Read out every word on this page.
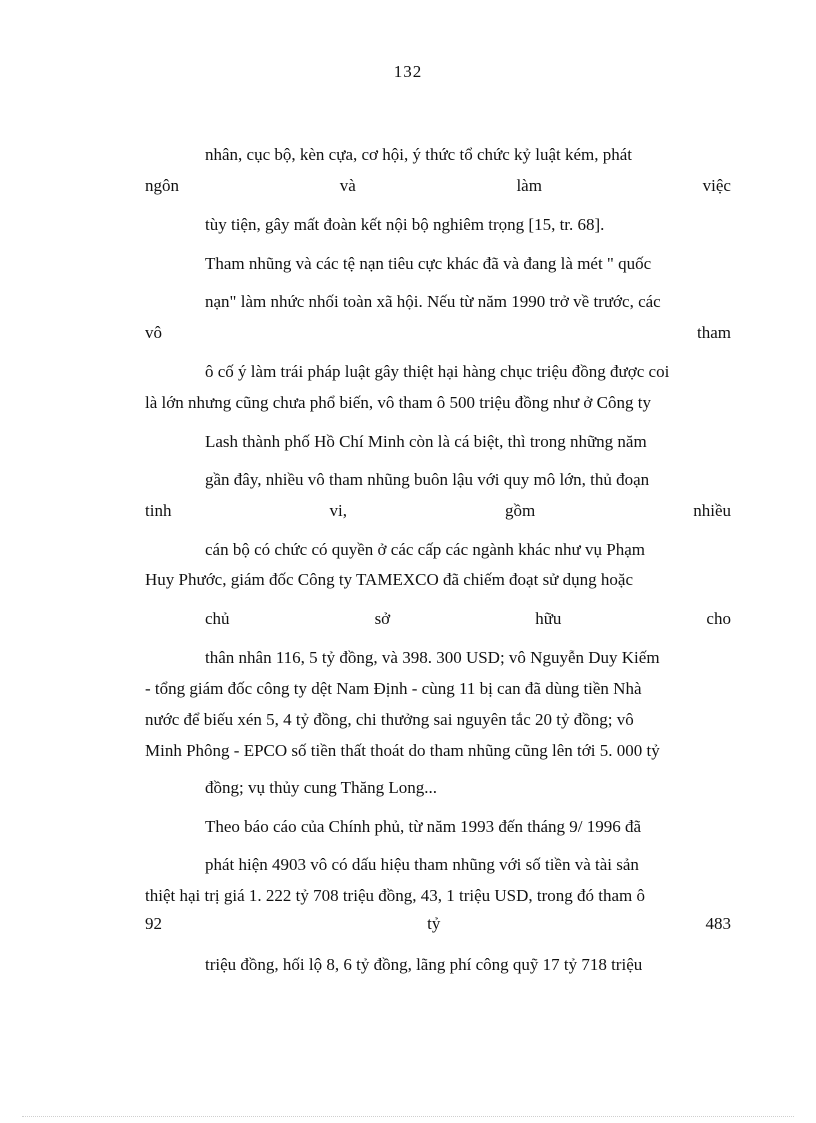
132
nhân, cục bộ, kèn cựa, cơ hội, ý thức tổ chức kỷ luật kém, phát
ngôn	và	làm	việc
tùy tiện, gây mất đoàn kết nội bộ nghiêm trọng [15, tr. 68].
Tham nhũng và các tệ nạn tiêu cực khác đã và đang là mét " quốc
nạn" làm nhức nhối toàn xã hội. Nếu từ năm 1990 trở về trước, các
vô	tham
ô cố ý làm trái pháp luật gây thiệt hại hàng chục triệu đồng được coi
là lớn nhưng cũng chưa phổ biến, vô tham ô 500 triệu đồng như ở Công ty
Lash thành phố Hồ Chí Minh còn là cá biệt, thì trong những năm
gần đây, nhiều vô tham nhũng buôn lậu với quy mô lớn, thủ đoạn
tinh	vi,	gồm	nhiều
cán bộ có chức có quyền ở các cấp các ngành khác như vụ Phạm
Huy Phước, giám đốc Công ty TAMEXCO đã chiếm đoạt sử dụng hoặc
chủ	sở	hữu	cho
thân nhân 116, 5 tỷ đồng, và 398. 300 USD; vô Nguyễn Duy Kiếm
- tổng giám đốc công ty dệt Nam Định - cùng 11 bị can đã dùng tiền Nhà
nước để biếu xén 5, 4 tỷ đồng, chi thưởng sai nguyên tắc 20 tỷ đồng; vô
Minh Phông - EPCO số tiền thất thoát do tham nhũng cũng lên tới 5. 000 tỷ
đồng; vụ thủy cung Thăng Long...
Theo báo cáo của Chính phủ, từ năm 1993 đến tháng 9/ 1996 đã
phát hiện 4903 vô có dấu hiệu tham nhũng với số tiền và tài sản
thiệt hại trị giá 1. 222 tỷ 708 triệu đồng, 43, 1 triệu USD, trong đó tham ô
92	tỷ	483
triệu đồng, hối lộ 8, 6 tỷ đồng, lãng phí công quỹ 17 tỷ 718 triệu
